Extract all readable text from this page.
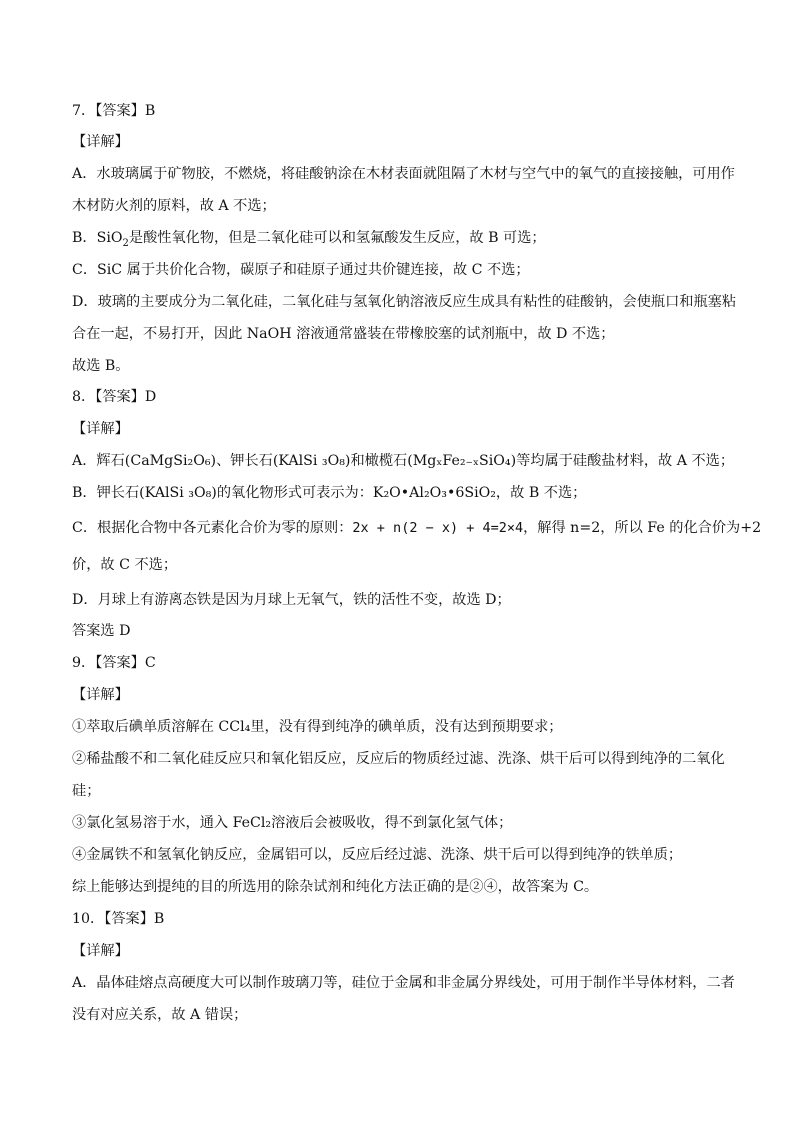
7．【答案】B
【详解】
A．水玻璃属于矿物胶，不燃烧，将硅酸钠涂在木材表面就阻隔了木材与空气中的氧气的直接接触，可用作
木材防火剂的原料，故 A 不选；
B．SiO$_2$是酸性氧化物，但是二氧化硅可以和氢氟酸发生反应，故 B 可选；
C．SiC 属于共价化合物，碳原子和硅原子通过共价键连接，故 C 不选；
D．玻璃的主要成分为二氧化硅，二氧化硅与氢氧化钠溶液反应生成具有粘性的硅酸钠，会使瓶口和瓶塞粘
合在一起，不易打开，因此 NaOH 溶液通常盛装在带橡胶塞的试剂瓶中，故 D 不选；
故选 B。
8．【答案】D
【详解】
A．辉石(CaMgSi₂O₆)、钾长石(KAlSi ₃O₈)和橄榄石(MgₓFe₂₋ₓSiO₄)等均属于硅酸盐材料，故 A 不选；
B．钾长石(KAlSi ₃O₈)的氧化物形式可表示为：K₂O•Al₂O₃•6SiO₂，故 B 不选；
C．根据化合物中各元素化合价为零的原则：2x + n(2 − x) + 4=2×4，解得 n=2，所以 Fe 的化合价为+2
价，故 C 不选；
D．月球上有游离态铁是因为月球上无氧气，铁的活性不变，故选 D；
答案选 D
9．【答案】C
【详解】
①萃取后碘单质溶解在 CCl₄里，没有得到纯净的碘单质，没有达到预期要求；
②稀盐酸不和二氧化硅反应只和氧化铝反应，反应后的物质经过滤、洗涤、烘干后可以得到纯净的二氧化
硅；
③氯化氢易溶于水，通入 FeCl₂溶液后会被吸收，得不到氯化氢气体；
④金属铁不和氢氧化钠反应，金属铝可以，反应后经过滤、洗涤、烘干后可以得到纯净的铁单质；
综上能够达到提纯的目的所选用的除杂试剂和纯化方法正确的是②④，故答案为 C。
10．【答案】B
【详解】
A．晶体硅熔点高硬度大可以制作玻璃刀等，硅位于金属和非金属分界线处，可用于制作半导体材料，二者
没有对应关系，故 A 错误；
